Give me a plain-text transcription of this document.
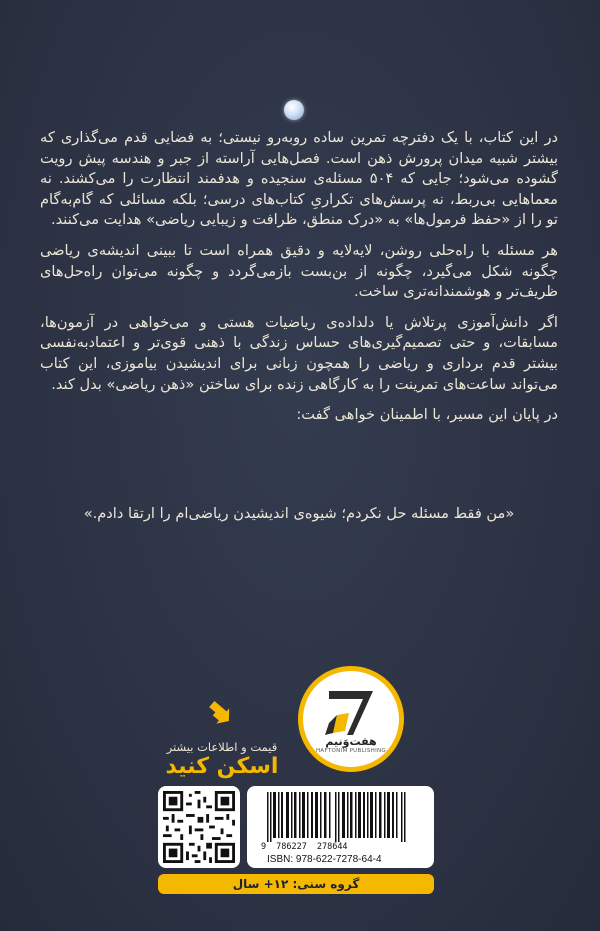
در این کتاب، با یک دفترچه تمرین ساده روبه‌رو نیستی؛ به فضایی قدم می‌گذاری که بیشتر شبیه میدان پرورش ذهن است. فصل‌هایی آراسته از جبر و هندسه پیش رویت گشوده می‌شود؛ جایی که ۵۰۴ مسئله‌ی سنجیده و هدفمند انتظارت را می‌کشند. نه معماهایی بی‌ربط، نه پرسش‌های تکراریِ کتاب‌های درسی؛ بلکه مسائلی که گام‌به‌گام تو را از «حفظ فرمول‌ها» به «درک منطق، ظرافت و زیبایی ریاضی» هدایت می‌کنند.

هر مسئله با راه‌حلی روشن، لایه‌لایه و دقیق همراه است تا ببینی اندیشه‌ی ریاضی چگونه شکل می‌گیرد، چگونه از بن‌بست بازمی‌گردد و چگونه می‌توان راه‌حل‌های ظریف‌تر و هوشمندانه‌تری ساخت.

اگر دانش‌آموزی پرتلاش یا دلداده‌ی ریاضیات هستی و می‌خواهی در آزمون‌ها، مسابقات، و حتی تصمیم‌گیری‌های حساس زندگی با ذهنی قوی‌تر و اعتمادبه‌نفسی بیشتر قدم برداری و ریاضی را همچون زبانی برای اندیشیدن بیاموزی، این کتاب می‌تواند ساعت‌های تمرینت را به کارگاهی زنده برای ساختن «ذهن ریاضی» بدل کند.

در پایان این مسیر، با اطمینان خواهی گفت:

«من فقط مسئله حل نکردم؛ شیوه‌ی اندیشیدن ریاضی‌ام را ارتقا دادم.»
قیمت و اطلاعات بیشتر
اسکن کنید
هفت‌وَنیم
HAFTONIM PUBLISHING
9 786227 278644
ISBN: 978-622-7278-64-4
گروه سنی: ۱۲+ سال
